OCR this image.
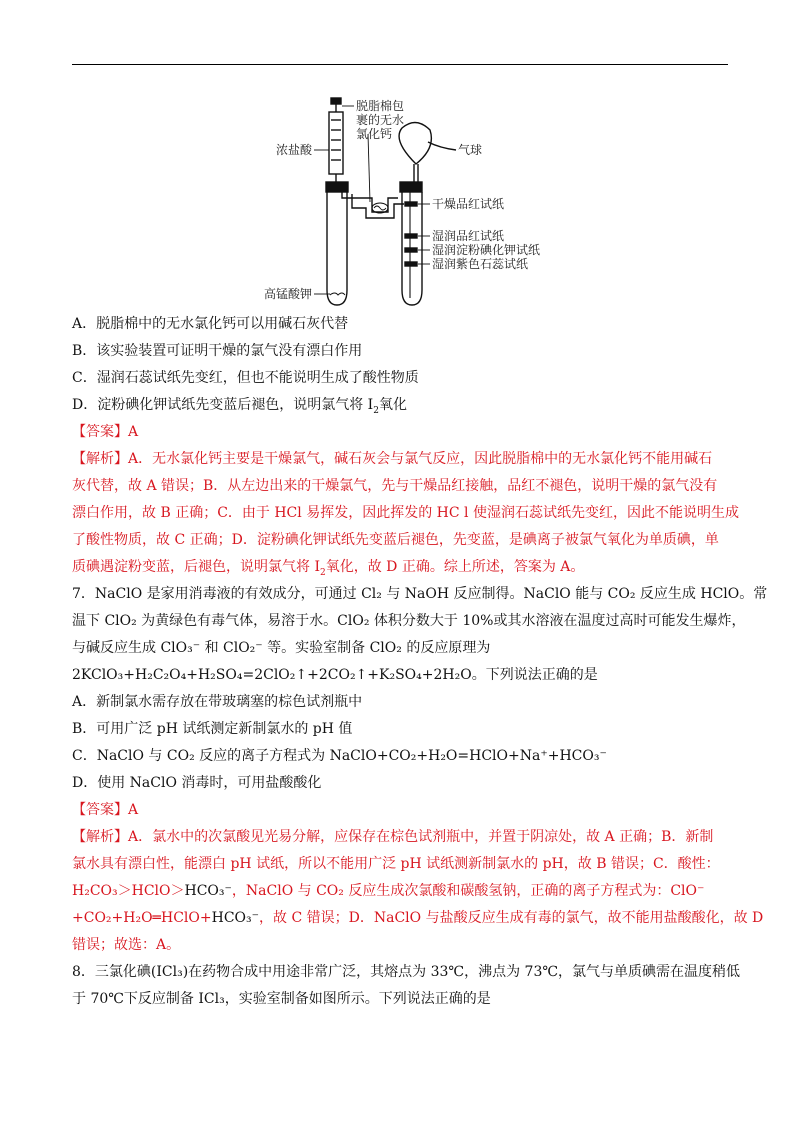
脱脂棉包
裹的无水
氯化钙
浓盐酸	气球
干燥品红试纸
湿润品红试纸
湿润淀粉碘化钾试纸
湿润紫色石蕊试纸
高锰酸钾
A．脱脂棉中的无水氯化钙可以用碱石灰代替
B．该实验装置可证明干燥的氯气没有漂白作用
C．湿润石蕊试纸先变红，但也不能说明生成了酸性物质
D．淀粉碘化钾试纸先变蓝后褪色，说明氯气将 $I_2$氧化
【答案】A
【解析】A．无水氯化钙主要是干燥氯气，碱石灰会与氯气反应，因此脱脂棉中的无水氯化钙不能用碱石
灰代替，故 A 错误；B．从左边出来的干燥氯气，先与干燥品红接触，品红不褪色，说明干燥的氯气没有
漂白作用，故 B 正确；C．由于 HCl 易挥发，因此挥发的 HC l 使湿润石蕊试纸先变红，因此不能说明生成
了酸性物质，故 C 正确；D．淀粉碘化钾试纸先变蓝后褪色，先变蓝，是碘离子被氯气氧化为单质碘，单
质碘遇淀粉变蓝，后褪色，说明氯气将 $I_2$氧化，故 D 正确。综上所述，答案为 A。
7．NaClO 是家用消毒液的有效成分，可通过 Cl₂ 与 NaOH 反应制得。NaClO 能与 CO₂ 反应生成 HClO。常
温下 ClO₂ 为黄绿色有毒气体，易溶于水。ClO₂ 体积分数大于 10%或其水溶液在温度过高时可能发生爆炸，
与碱反应生成 ClO₃⁻ 和 ClO₂⁻ 等。实验室制备 ClO₂ 的反应原理为
2KClO₃+H₂C₂O₄+H₂SO₄=2ClO₂↑+2CO₂↑+K₂SO₄+2H₂O。下列说法正确的是
A．新制氯水需存放在带玻璃塞的棕色试剂瓶中
B．可用广泛 pH 试纸测定新制氯水的 pH 值
C．NaClO 与 CO₂ 反应的离子方程式为 NaClO+CO₂+H₂O=HClO+Na⁺+HCO₃⁻
D．使用 NaClO 消毒时，可用盐酸酸化
【答案】A
【解析】A．氯水中的次氯酸见光易分解，应保存在棕色试剂瓶中，并置于阴凉处，故 A 正确；B．新制
氯水具有漂白性，能漂白 pH 试纸，所以不能用广泛 pH 试纸测新制氯水的 pH，故 B 错误；C．酸性：
H₂CO₃＞HClO＞HCO₃⁻，NaClO 与 CO₂ 反应生成次氯酸和碳酸氢钠，正确的离子方程式为：ClO⁻
+CO₂+H₂O═HClO+HCO₃⁻，故 C 错误；D．NaClO 与盐酸反应生成有毒的氯气，故不能用盐酸酸化，故 D
错误；故选：A。
8．三氯化碘(ICl₃)在药物合成中用途非常广泛，其熔点为 33℃，沸点为 73℃，氯气与单质碘需在温度稍低
于 70℃下反应制备 ICl₃，实验室制备如图所示。下列说法正确的是
